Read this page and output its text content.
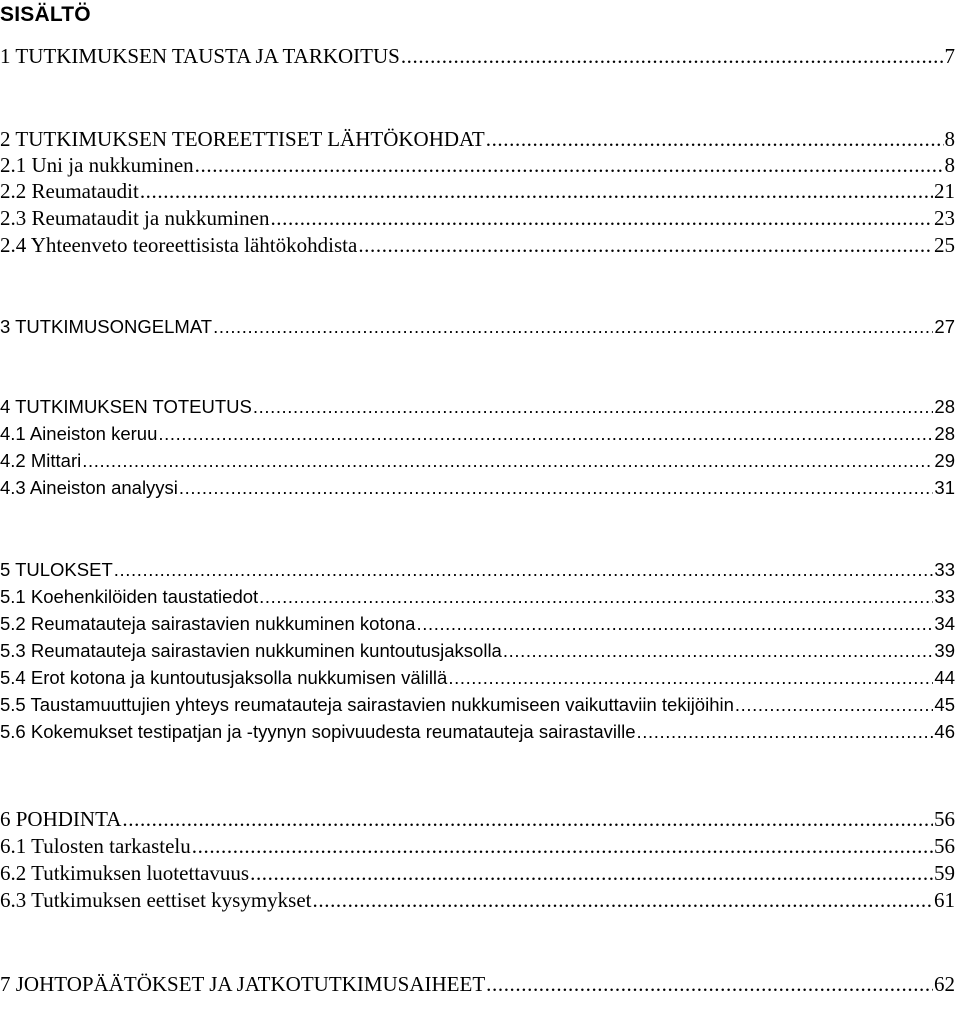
SISÄLTÖ
1 TUTKIMUKSEN TAUSTA JA TARKOITUS .....	7
2 TUTKIMUKSEN TEOREETTISET LÄHTÖKOHDAT .....	8
2.1 Uni ja nukkuminen .....	8
2.2 Reumataudit .....	21
2.3 Reumataudit ja nukkuminen .....	23
2.4 Yhteenveto teoreettisista lähtökohdista .....	25
3 TUTKIMUSONGELMAT .....	27
4 TUTKIMUKSEN TOTEUTUS .....	28
4.1 Aineiston keruu .....	28
4.2 Mittari .....	29
4.3 Aineiston analyysi .....	31
5 TULOKSET .....	33
5.1 Koehenkilöiden taustatiedot .....	33
5.2 Reumatauteja sairastavien nukkuminen kotona .....	34
5.3 Reumatauteja sairastavien nukkuminen kuntoutusjaksolla .....	39
5.4 Erot kotona ja kuntoutusjaksolla nukkumisen välillä .....	44
5.5 Taustamuuttujien yhteys reumatauteja sairastavien nukkumiseen vaikuttaviin tekijöihin .....	45
5.6 Kokemukset testipatjan ja -tyynyn sopivuudesta reumatauteja sairastaville .....	46
6 POHDINTA .....	56
6.1 Tulosten tarkastelu .....	56
6.2 Tutkimuksen luotettavuus .....	59
6.3 Tutkimuksen eettiset kysymykset .....	61
7 JOHTOPÄÄTÖKSET JA JATKOTUTKIMUSAIHEET .....	62
